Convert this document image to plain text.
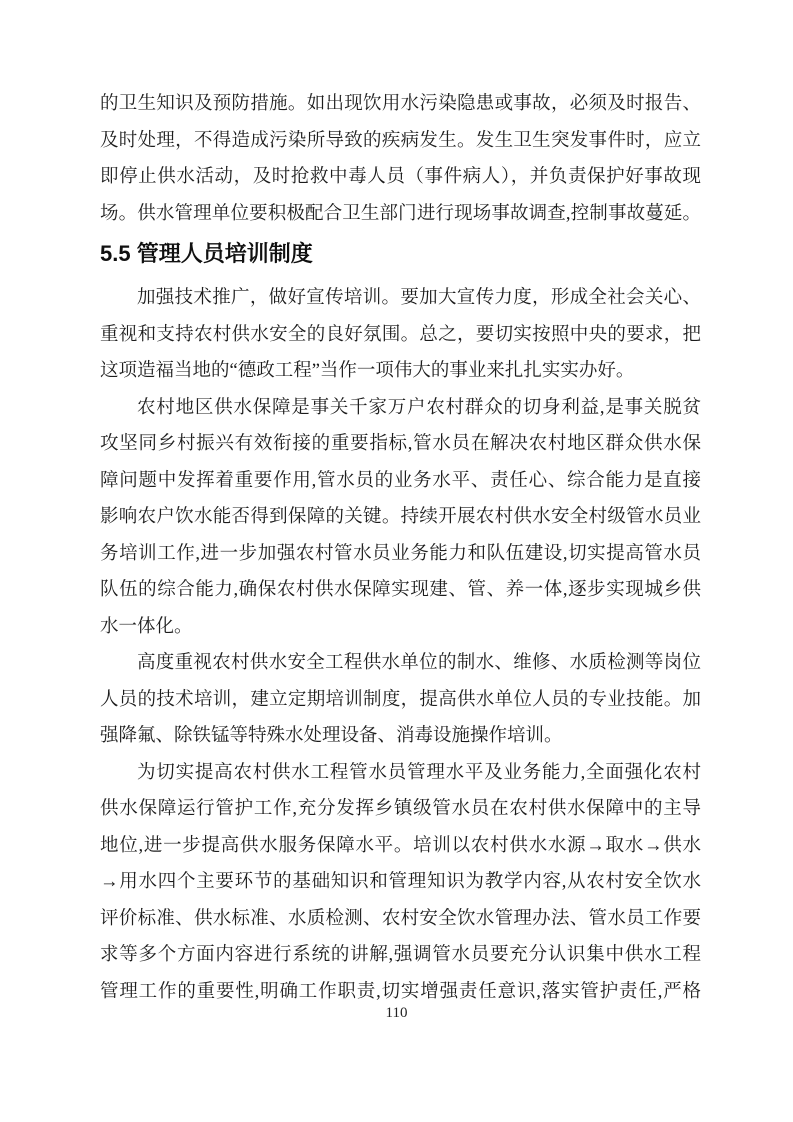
的卫生知识及预防措施。如出现饮用水污染隐患或事故，必须及时报告、
及时处理，不得造成污染所导致的疾病发生。发生卫生突发事件时，应立
即停止供水活动，及时抢救中毒人员（事件病人），并负责保护好事故现
场。供水管理单位要积极配合卫生部门进行现场事故调查,控制事故蔓延。

5.5 管理人员培训制度

加强技术推广，做好宣传培训。要加大宣传力度，形成全社会关心、
重视和支持农村供水安全的良好氛围。总之，要切实按照中央的要求，把
这项造福当地的“德政工程”当作一项伟大的事业来扎扎实实办好。

农村地区供水保障是事关千家万户农村群众的切身利益,是事关脱贫
攻坚同乡村振兴有效衔接的重要指标,管水员在解决农村地区群众供水保
障问题中发挥着重要作用,管水员的业务水平、责任心、综合能力是直接
影响农户饮水能否得到保障的关键。持续开展农村供水安全村级管水员业
务培训工作,进一步加强农村管水员业务能力和队伍建设,切实提高管水员
队伍的综合能力,确保农村供水保障实现建、管、养一体,逐步实现城乡供
水一体化。

高度重视农村供水安全工程供水单位的制水、维修、水质检测等岗位
人员的技术培训，建立定期培训制度，提高供水单位人员的专业技能。加
强降氟、除铁锰等特殊水处理设备、消毒设施操作培训。

为切实提高农村供水工程管水员管理水平及业务能力,全面强化农村
供水保障运行管护工作,充分发挥乡镇级管水员在农村供水保障中的主导
地位,进一步提高供水服务保障水平。培训以农村供水水源→取水→供水
→用水四个主要环节的基础知识和管理知识为教学内容,从农村安全饮水
评价标准、供水标准、水质检测、农村安全饮水管理办法、管水员工作要
求等多个方面内容进行系统的讲解,强调管水员要充分认识集中供水工程
管理工作的重要性,明确工作职责,切实增强责任意识,落实管护责任,严格

110
